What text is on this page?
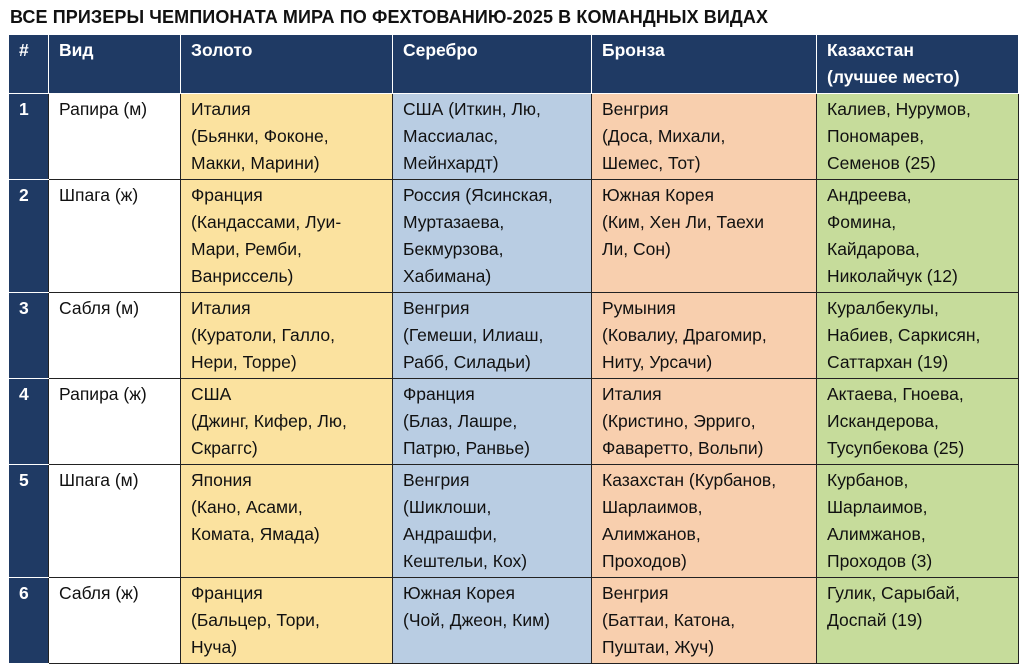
ВСЕ ПРИЗЕРЫ ЧЕМПИОНАТА МИРА ПО ФЕХТОВАНИЮ-2025 В КОМАНДНЫХ ВИДАХ
#	Вид	Золото	Серебро	Бронза	Казахстан
(лучшее место)

1	Рапира (м)	Италия
(Бьянки, Фоконе,
Макки, Марини)	США (Иткин, Лю,
Массиалас,
Мейнхардт)	Венгрия
(Доса, Михали,
Шемес, Тот)	Калиев, Нурумов,
Пономарев,
Семенов (25)

2	Шпага (ж)	Франция
(Кандассами, Луи-
Мари, Ремби,
Ванриссель)	Россия (Ясинская,
Муртазаева,
Бекмурзова,
Хабимана)	Южная Корея
(Ким, Хен Ли, Таехи
Ли, Сон)	Андреева,
Фомина,
Кайдарова,
Николайчук (12)

3	Сабля (м)	Италия
(Куратоли, Галло,
Нери, Торре)	Венгрия
(Гемеши, Илиаш,
Рабб, Силадьи)	Румыния
(Ковалиу, Драгомир,
Ниту, Урсачи)	Куралбекулы,
Набиев, Саркисян,
Саттархан (19)

4	Рапира (ж)	США
(Джинг, Кифер, Лю,
Скраггс)	Франция
(Блаз, Лашре,
Патрю, Ранвье)	Италия
(Кристино, Эрриго,
Фаваретто, Вольпи)	Актаева, Гноева,
Искандерова,
Тусупбекова (25)

5	Шпага (м)	Япония
(Кано, Асами,
Комата, Ямада)	Венгрия
(Шиклоши,
Андрашфи,
Кештельи, Кох)	Казахстан (Курбанов,
Шарлаимов,
Алимжанов,
Проходов)	Курбанов,
Шарлаимов,
Алимжанов,
Проходов (3)

6	Сабля (ж)	Франция
(Бальцер, Тори,
Нуча)	Южная Корея
(Чой, Джеон, Ким)	Венгрия
(Баттаи, Катона,
Пуштаи, Жуч)	Гулик, Сарыбай,
Доспай (19)
